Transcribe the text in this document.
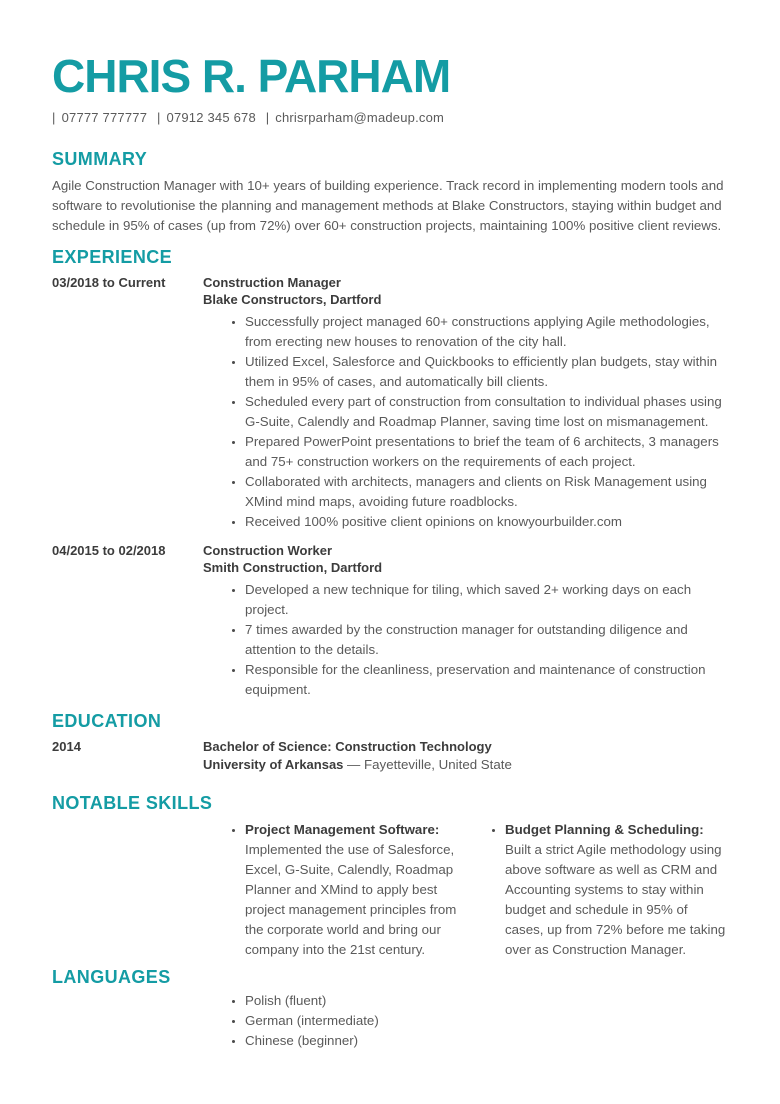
CHRIS R. PARHAM
| 07777 777777 | 07912 345 678 | chrisrparham@madeup.com
SUMMARY

Agile Construction Manager with 10+ years of building experience. Track record in implementing modern tools and software to revolutionise the planning and management methods at Blake Constructors, staying within budget and schedule in 95% of cases (up from 72%) over 60+ construction projects, maintaining 100% positive client reviews.

EXPERIENCE
03/2018 to Current	Construction Manager
Blake Constructors, Dartford
• Successfully project managed 60+ constructions applying Agile methodologies, from erecting new houses to renovation of the city hall.
• Utilized Excel, Salesforce and Quickbooks to efficiently plan budgets, stay within them in 95% of cases, and automatically bill clients.
• Scheduled every part of construction from consultation to individual phases using G-Suite, Calendly and Roadmap Planner, saving time lost on mismanagement.
• Prepared PowerPoint presentations to brief the team of 6 architects, 3 managers and 75+ construction workers on the requirements of each project.
• Collaborated with architects, managers and clients on Risk Management using XMind mind maps, avoiding future roadblocks.
• Received 100% positive client opinions on knowyourbuilder.com
04/2015 to 02/2018	Construction Worker
Smith Construction, Dartford
• Developed a new technique for tiling, which saved 2+ working days on each project.
• 7 times awarded by the construction manager for outstanding diligence and attention to the details.
• Responsible for the cleanliness, preservation and maintenance of construction equipment.
EDUCATION
2014	Bachelor of Science: Construction Technology
University of Arkansas — Fayetteville, United State
NOTABLE SKILLS
• Project Management Software: Implemented the use of Salesforce, Excel, G-Suite, Calendly, Roadmap Planner and XMind to apply best project management principles from the corporate world and bring our company into the 21st century.
• Budget Planning & Scheduling: Built a strict Agile methodology using above software as well as CRM and Accounting systems to stay within budget and schedule in 95% of cases, up from 72% before me taking over as Construction Manager.
LANGUAGES
• Polish (fluent)
• German (intermediate)
• Chinese (beginner)
